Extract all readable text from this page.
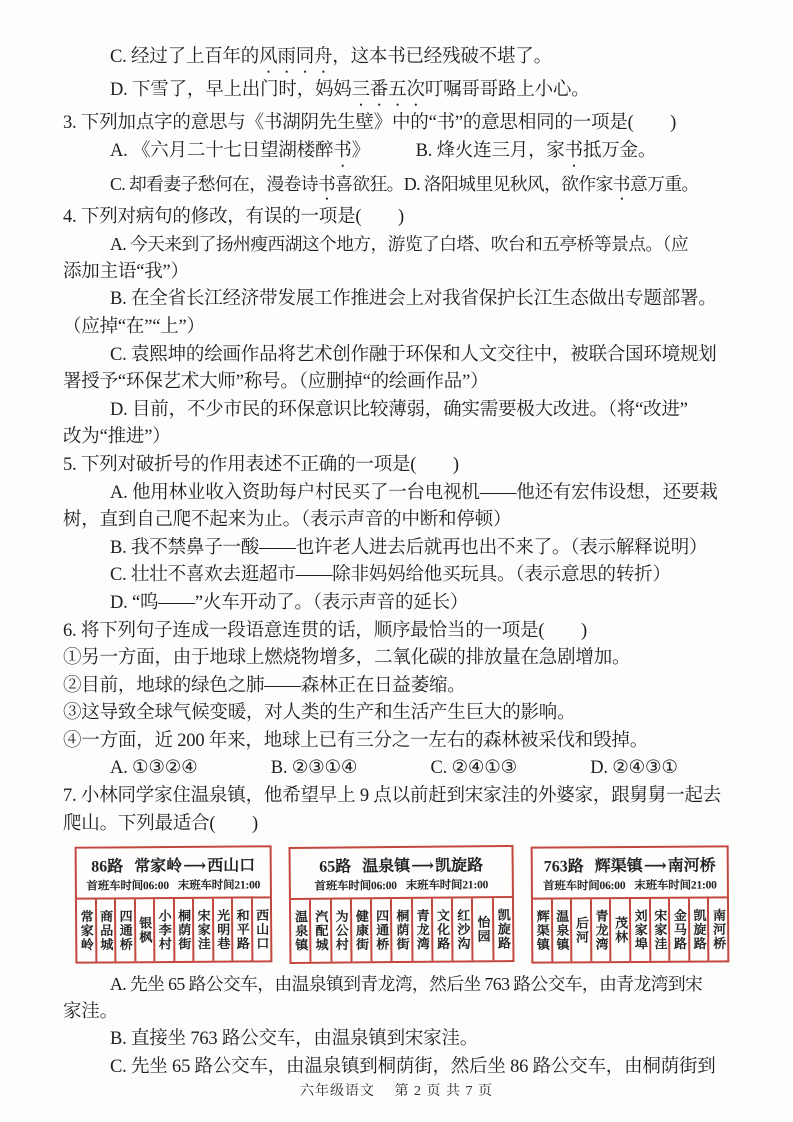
C. 经过了上百年的风雨同舟，这本书已经残破不堪了。
D. 下雪了，早上出门时，妈妈三番五次叮嘱哥哥路上小心。
3. 下列加点字的意思与《书湖阴先生壁》中的“书”的意思相同的一项是(　　)
A. 《六月二十七日望湖楼醉书》　　　B. 烽火连三月，家书抵万金。
C. 却看妻子愁何在，漫卷诗书喜欲狂。D. 洛阳城里见秋风，欲作家书意万重。
4. 下列对病句的修改，有误的一项是(　　)
A. 今天来到了扬州瘦西湖这个地方，游览了白塔、吹台和五亭桥等景点。（应
添加主语“我”）
B. 在全省长江经济带发展工作推进会上对我省保护长江生态做出专题部署。
（应掉“在”“上”）
C. 袁熙坤的绘画作品将艺术创作融于环保和人文交往中，被联合国环境规划
署授予“环保艺术大师”称号。（应删掉“的绘画作品”）
D. 目前，不少市民的环保意识比较薄弱，确实需要极大改进。（将“改进”
改为“推进”）
5. 下列对破折号的作用表述不正确的一项是(　　)
A. 他用林业收入资助每户村民买了一台电视机——他还有宏伟设想，还要栽
树，直到自己爬不起来为止。（表示声音的中断和停顿）
B. 我不禁鼻子一酸——也许老人进去后就再也出不来了。（表示解释说明）
C. 壮壮不喜欢去逛超市——除非妈妈给他买玩具。（表示意思的转折）
D. “呜——”火车开动了。（表示声音的延长）
6. 将下列句子连成一段语意连贯的话，顺序最恰当的一项是(　　)
①另一方面，由于地球上燃烧物增多，二氧化碳的排放量在急剧增加。
②目前，地球的绿色之肺——森林正在日益萎缩。
③这导致全球气候变暖，对人类的生产和生活产生巨大的影响。
④一方面，近 200 年来，地球上已有三分之一左右的森林被采伐和毁掉。
A. ①③②④　　　　B. ②③①④　　　　C. ②④①③　　　　D. ②④③①
7. 小林同学家住温泉镇，他希望早上 9 点以前赶到宋家洼的外婆家，跟舅舅一起去
爬山。下列最适合(　　)
86路 常家岭⟶西山口
首班车时间06:00 末班车时间21:00
常家岭 商品城 四通桥 银枫 小李村 桐荫街 宋家洼 光明巷 和平路 西山口
65路 温泉镇⟶凯旋路
首班车时间06:00 末班车时间21:00
温泉镇 汽配城 为公村 健康街 四通桥 桐荫街 青龙湾 文化路 红沙沟 怡园 凯旋路
763路 辉渠镇⟶南河桥
首班车时间06:00 末班车时间21:00
辉渠镇 温泉镇 后河 青龙湾 茂林 刘家埠 宋家洼 金马路 凯旋路 南河桥
A. 先坐 65 路公交车，由温泉镇到青龙湾，然后坐 763 路公交车，由青龙湾到宋
家洼。
B. 直接坐 763 路公交车，由温泉镇到宋家洼。
C. 先坐 65 路公交车，由温泉镇到桐荫街，然后坐 86 路公交车，由桐荫街到
六年级语文　 第 2 页 共 7 页
